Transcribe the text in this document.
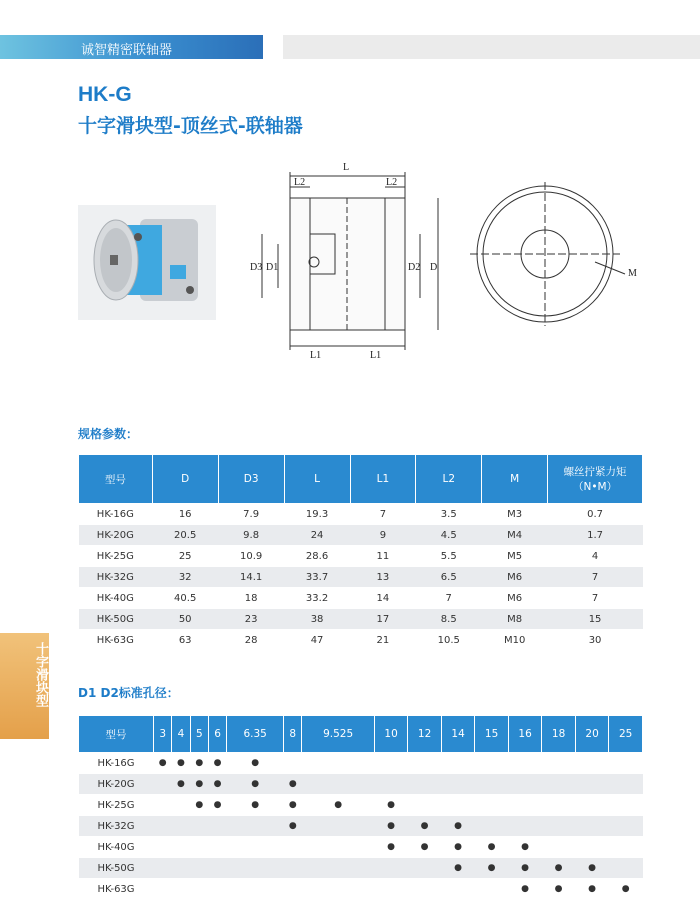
诚智精密联轴器
HK-G
十字滑块型-顶丝式-联轴器
L
L2	L2
L1	L1
D3 D1	D2 D
M
十字滑块型
规格参数：
型号	D	D3	L	L1	L2	M	螺丝拧紧力矩
（N•M）
HK-16G	16	7.9	19.3	7	3.5	M3	0.7
HK-20G	20.5	9.8	24	9	4.5	M4	1.7
HK-25G	25	10.9	28.6	11	5.5	M5	4
HK-32G	32	14.1	33.7	13	6.5	M6	7
HK-40G	40.5	18	33.2	14	7	M6	7
HK-50G	50	23	38	17	8.5	M8	15
HK-63G	63	28	47	21	10.5	M10	30
D1 D2标准孔径：
型号	3	4	5	6	6.35	8	9.525	10	12	14	15	16	18	20	25
HK-16G	●	●	●	●	●										
HK-20G		●	●	●	●	●									
HK-25G			●	●	●	●	●	●							
HK-32G						●		●	●	●					
HK-40G								●	●	●	●	●			
HK-50G										●	●	●	●	●	
HK-63G												●	●	●	●
